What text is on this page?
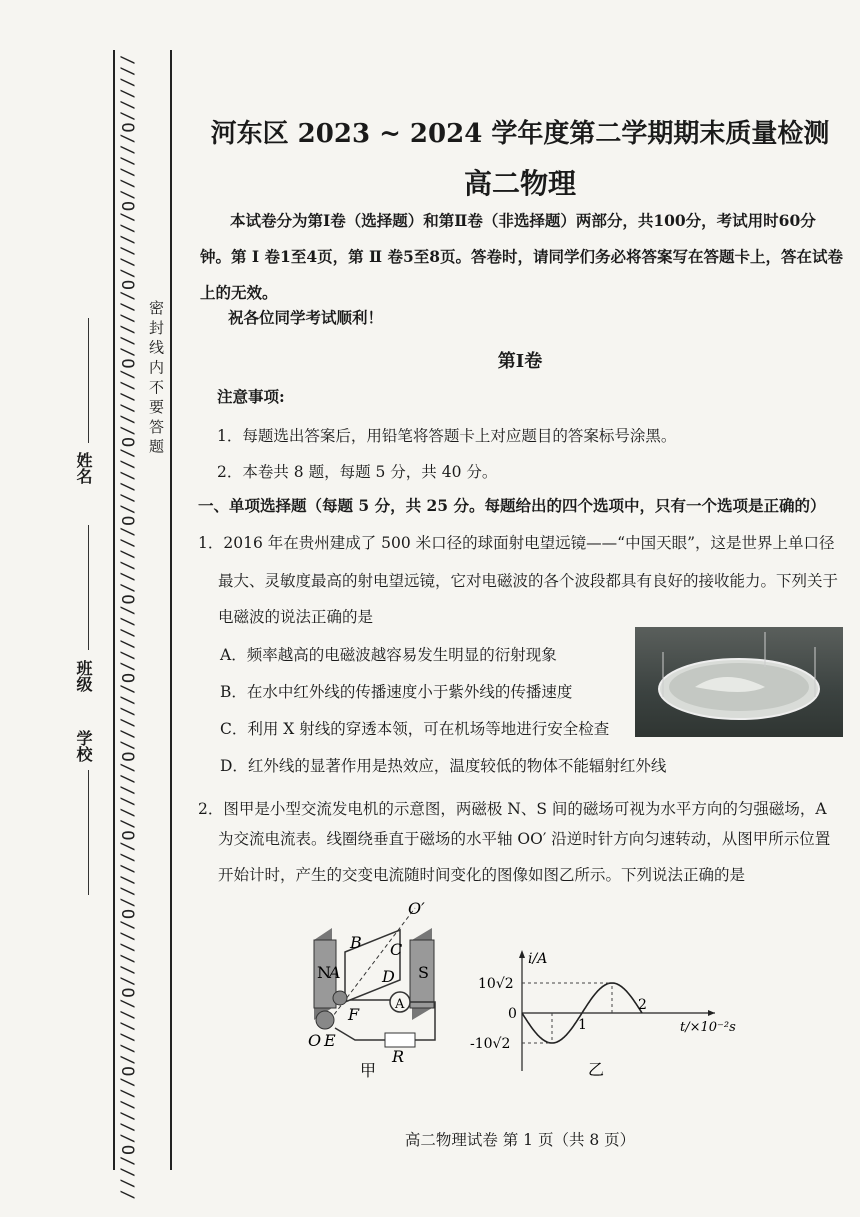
//////O//////O//////O//////O//////O//////O//////O//////O//////O//////O//////O//////O//////O//////O//// 密 封 线 内 不 要 答 题
学校
班级
姓名
河东区 2023 ~ 2024 学年度第二学期期末质量检测
高二物理
本试卷分为第Ⅰ卷（选择题）和第Ⅱ卷（非选择题）两部分，共100分，考试用时60分钟。第 Ⅰ 卷1至4页，第 Ⅱ 卷5至8页。答卷时，请同学们务必将答案写在答题卡上，答在试卷上的无效。
祝各位同学考试顺利！
第Ⅰ卷
注意事项:
1．每题选出答案后，用铅笔将答题卡上对应题目的答案标号涂黑。
2．本卷共 8 题，每题 5 分，共 40 分。
一、单项选择题（每题 5 分，共 25 分。每题给出的四个选项中，只有一个选项是正确的）
1．2016 年在贵州建成了 500 米口径的球面射电望远镜——“中国天眼”，这是世界上单口径
最大、灵敏度最高的射电望远镜，它对电磁波的各个波段都具有良好的接收能力。下列关于电磁波的说法正确的是
A．频率越高的电磁波越容易发生明显的衍射现象
B．在水中红外线的传播速度小于紫外线的传播速度
C．利用 X 射线的穿透本领，可在机场等地进行安全检查
D．红外线的显著作用是热效应，温度较低的物体不能辐射红外线
2．图甲是小型交流发电机的示意图，两磁极 N、S 间的磁场可视为水平方向的匀强磁场，A
为交流电流表。线圈绕垂直于磁场的水平轴 OO′ 沿逆时针方向匀速转动，从图甲所示位置开始计时，产生的交变电流随时间变化的图像如图乙所示。下列说法正确的是
N
A	S
B C
D
O′
A
F
O E
R
甲
i/A
t/×10⁻²s
10√2
0
-10√2
1
2
乙
高二物理试卷 第 1 页（共 8 页）
